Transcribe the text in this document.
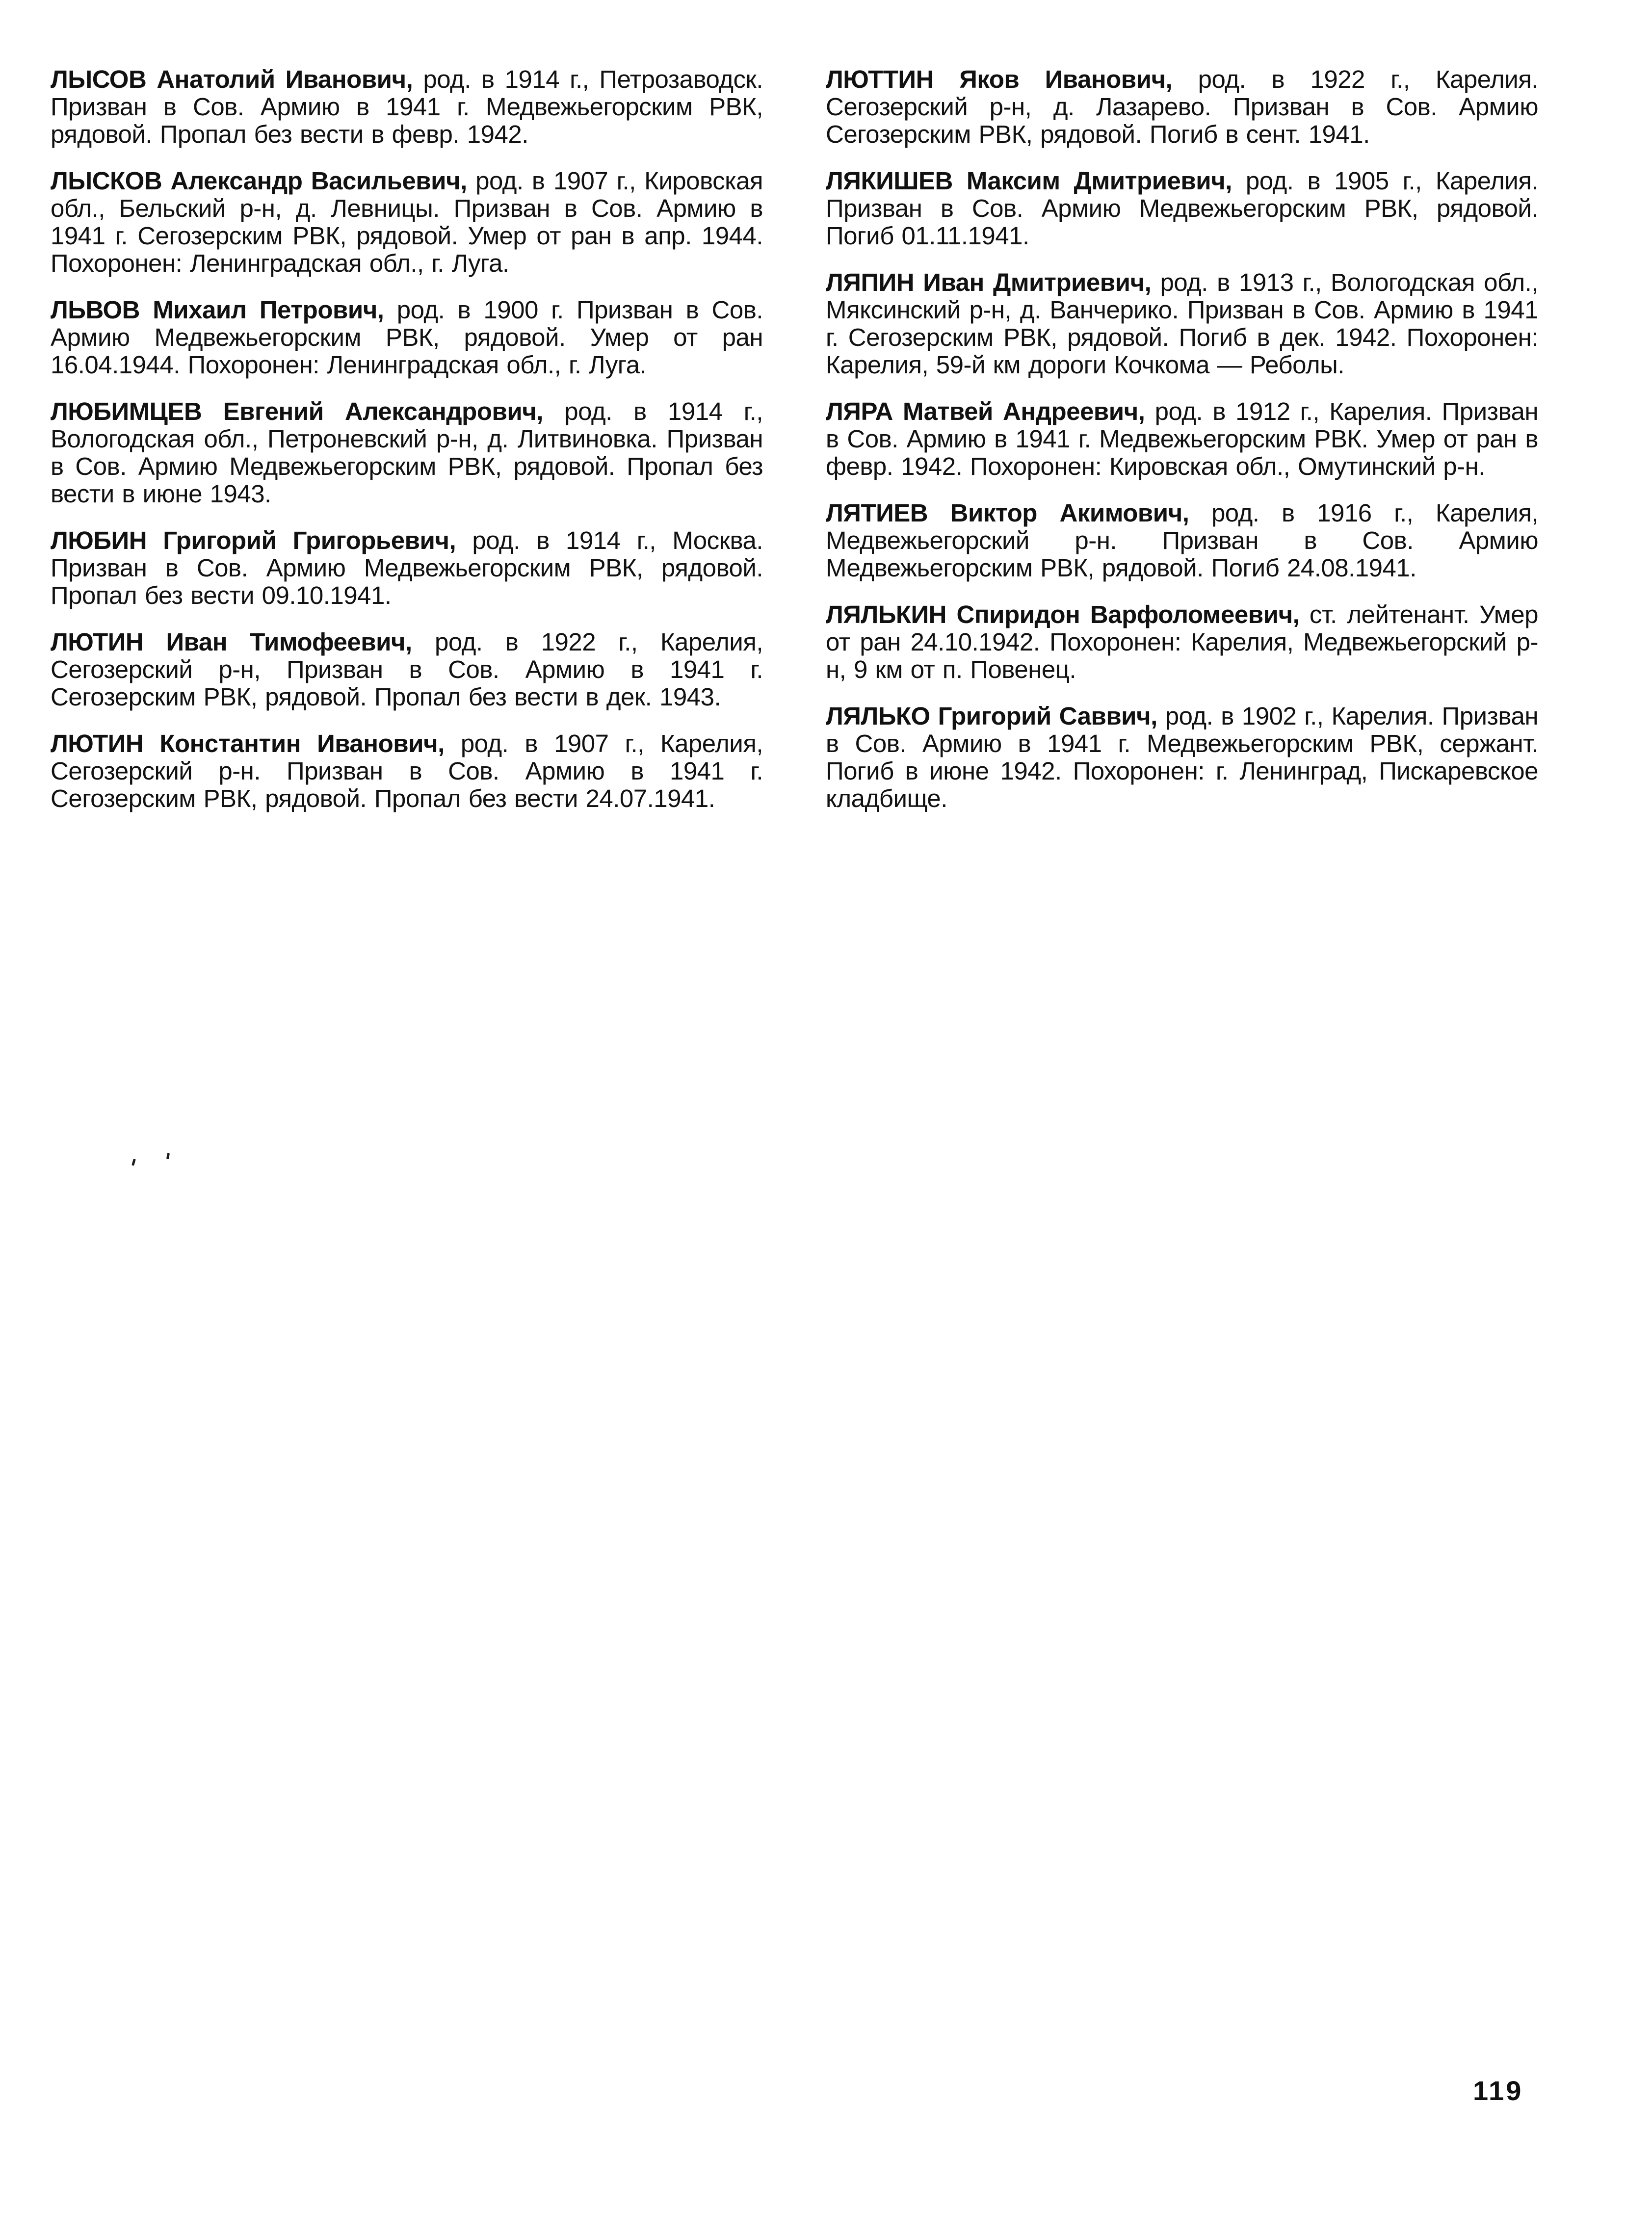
ЛЫСОВ Анатолий Иванович, род. в 1914 г., Петрозаводск. Призван в Сов. Армию в 1941 г. Медвежьегорским РВК, рядовой. Пропал без вести в февр. 1942.

ЛЫСКОВ Александр Васильевич, род. в 1907 г., Кировская обл., Бельский р-н, д. Левницы. Призван в Сов. Армию в 1941 г. Сегозерским РВК, рядовой. Умер от ран в апр. 1944. Похоронен: Ленинградская обл., г. Луга.

ЛЬВОВ Михаил Петрович, род. в 1900 г. Призван в Сов. Армию Медвежьегорским РВК, рядовой. Умер от ран 16.04.1944. Похоронен: Ленинградская обл., г. Луга.

ЛЮБИМЦЕВ Евгений Александрович, род. в 1914 г., Вологодская обл., Петроневский р-н, д. Литвиновка. Призван в Сов. Армию Медвежьегорским РВК, рядовой. Пропал без вести в июне 1943.

ЛЮБИН Григорий Григорьевич, род. в 1914 г., Москва. Призван в Сов. Армию Медвежьегорским РВК, рядовой. Пропал без вести 09.10.1941.

ЛЮТИН Иван Тимофеевич, род. в 1922 г., Карелия, Сегозерский р-н, Призван в Сов. Армию в 1941 г. Сегозерским РВК, рядовой. Пропал без вести в дек. 1943.

ЛЮТИН Константин Иванович, род. в 1907 г., Карелия, Сегозерский р-н. Призван в Сов. Армию в 1941 г. Сегозерским РВК, рядовой. Пропал без вести 24.07.1941.

ЛЮТТИН Яков Иванович, род. в 1922 г., Карелия. Сегозерский р-н, д. Лазарево. Призван в Сов. Армию Сегозерским РВК, рядовой. Погиб в сент. 1941.

ЛЯКИШЕВ Максим Дмитриевич, род. в 1905 г., Карелия. Призван в Сов. Армию Медвежьегорским РВК, рядовой. Погиб 01.11.1941.

ЛЯПИН Иван Дмитриевич, род. в 1913 г., Вологодская обл., Мяксинский р-н, д. Ванчерико. Призван в Сов. Армию в 1941 г. Сегозерским РВК, рядовой. Погиб в дек. 1942. Похоронен: Карелия, 59-й км дороги Кочкома — Реболы.

ЛЯРА Матвей Андреевич, род. в 1912 г., Карелия. Призван в Сов. Армию в 1941 г. Медвежьегорским РВК. Умер от ран в февр. 1942. Похоронен: Кировская обл., Омутинский р-н.

ЛЯТИЕВ Виктор Акимович, род. в 1916 г., Карелия, Медвежьегорский р-н. Призван в Сов. Армию Медвежьегорским РВК, рядовой. Погиб 24.08.1941.

ЛЯЛЬКИН Спиридон Варфоломеевич, ст. лейтенант. Умер от ран 24.10.1942. Похоронен: Карелия, Медвежьегорский р-н, 9 км от п. Повенец.

ЛЯЛЬКО Григорий Саввич, род. в 1902 г., Карелия. Призван в Сов. Армию в 1941 г. Медвежьегорским РВК, сержант. Погиб в июне 1942. Похоронен: г. Ленинград, Пискаревское кладбище.

119
